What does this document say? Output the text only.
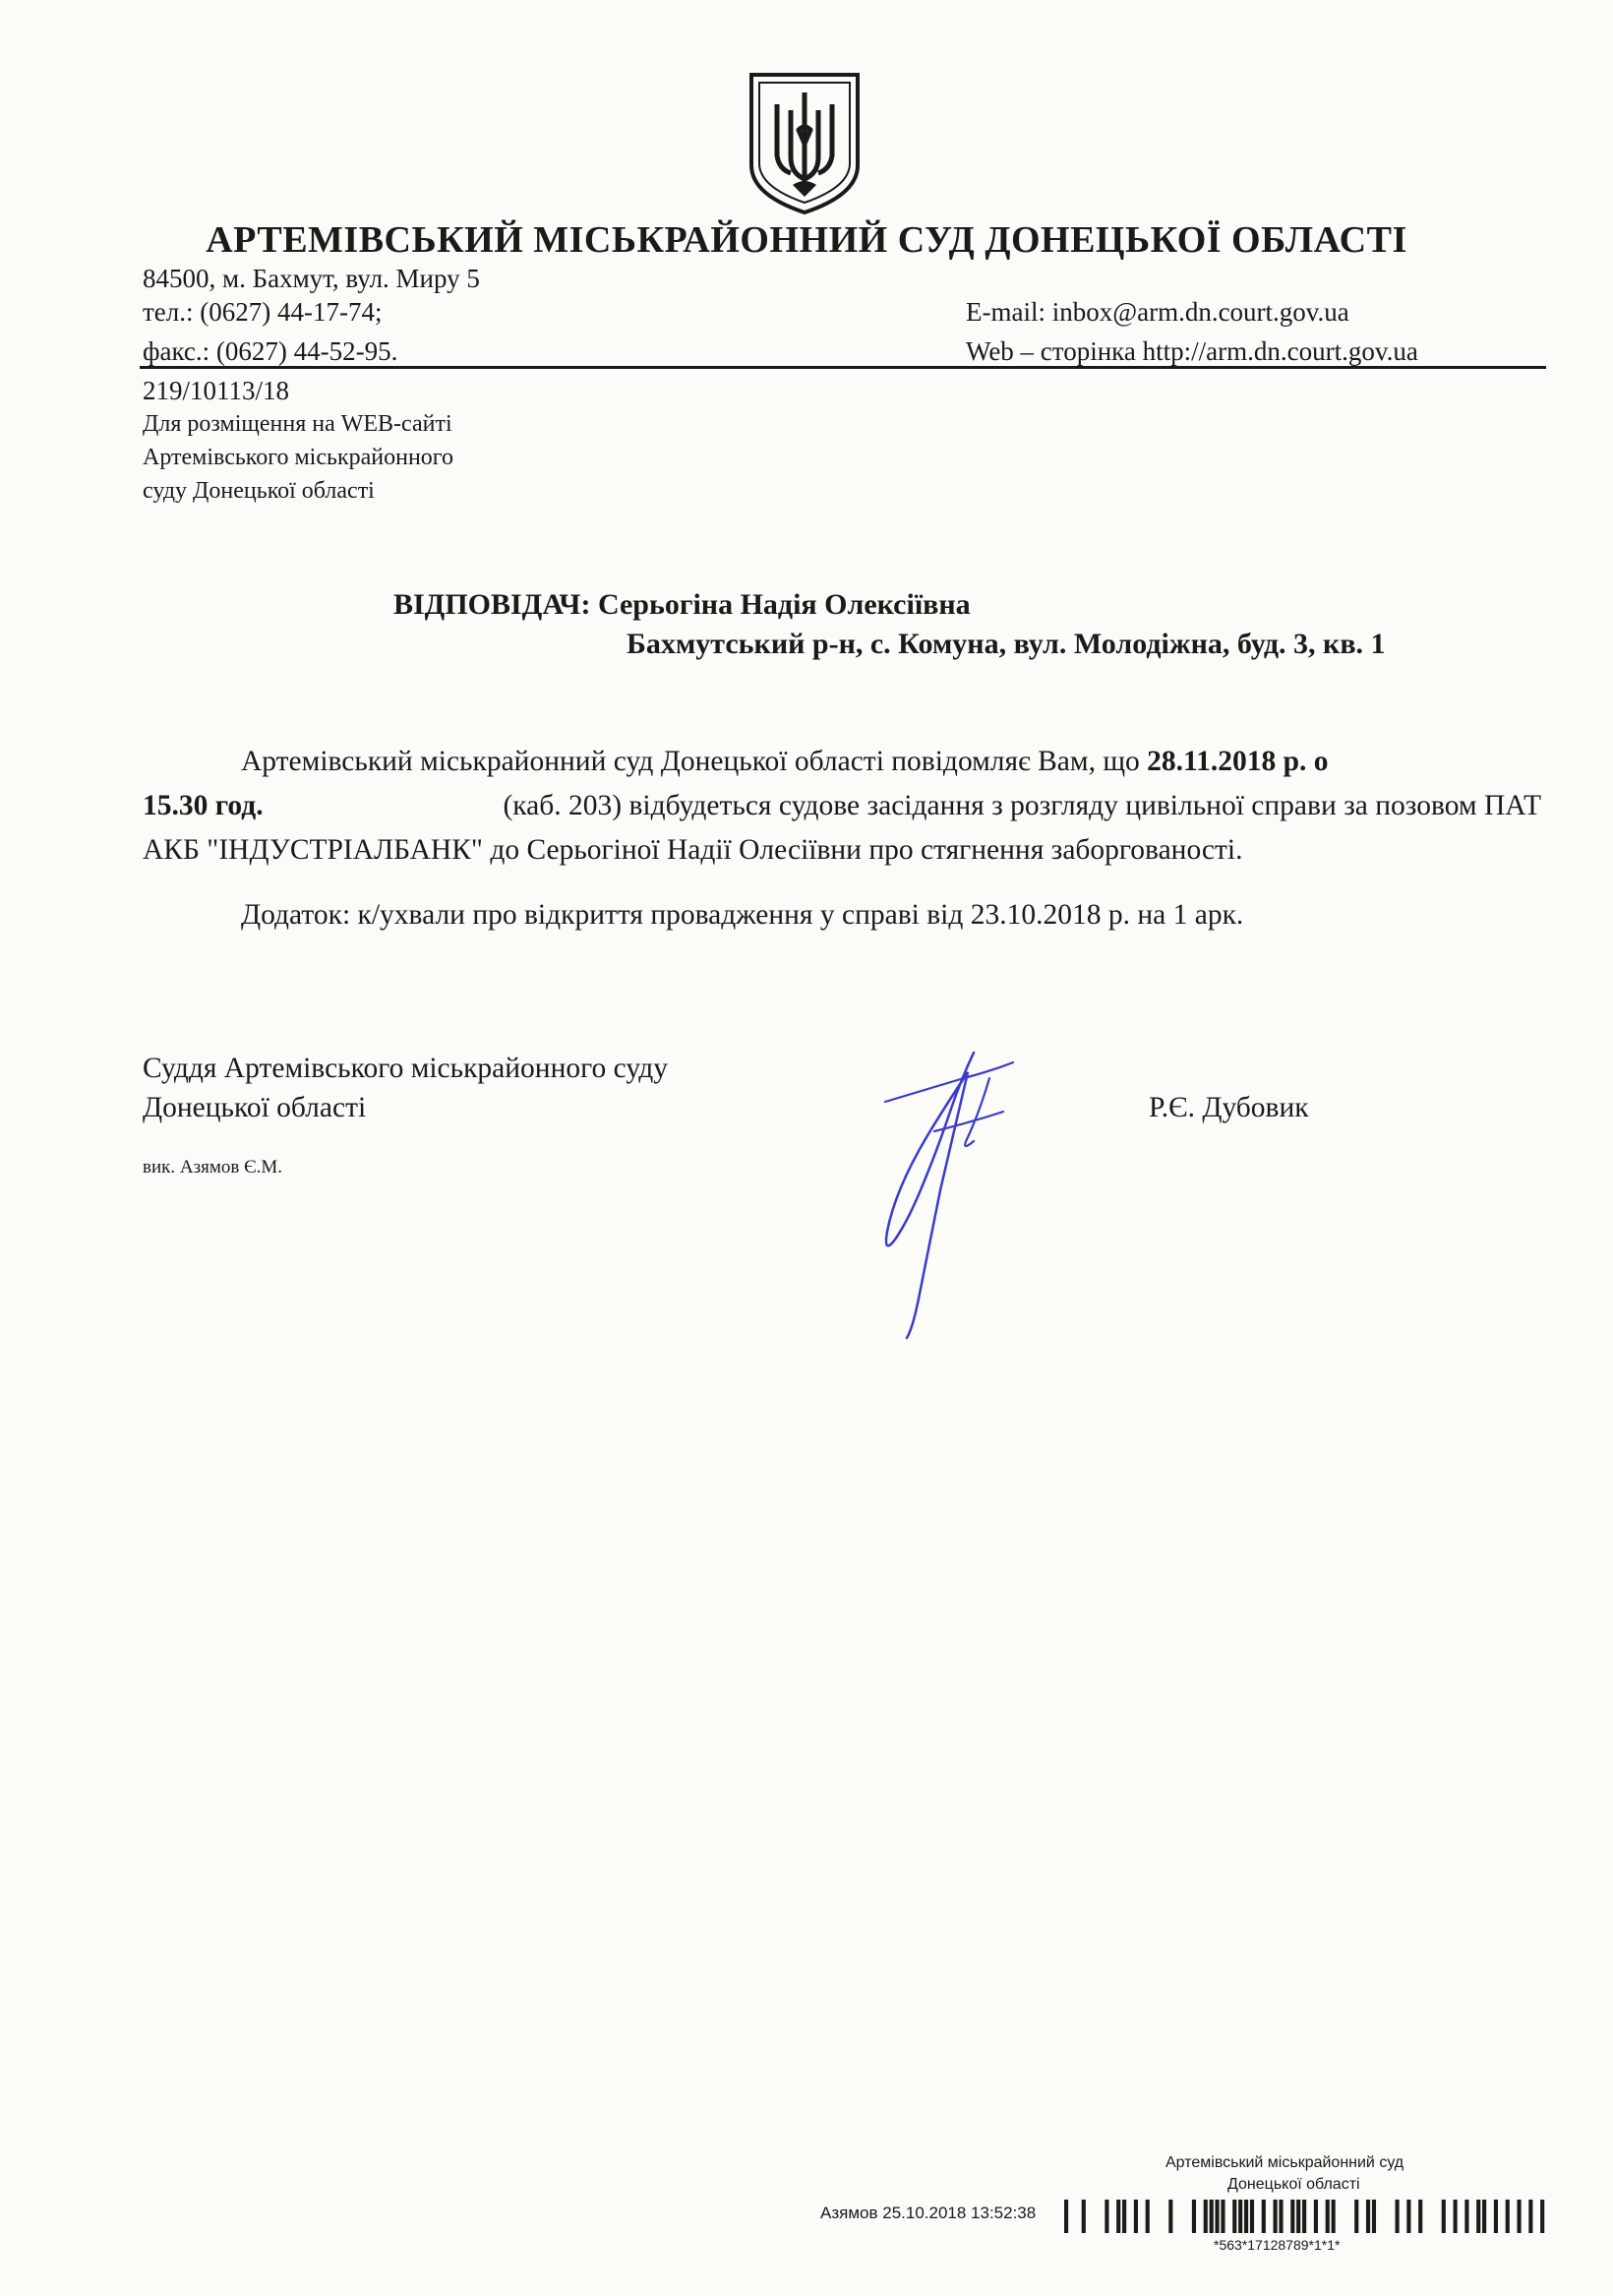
АРТЕМІВСЬКИЙ МІСЬКРАЙОННИЙ СУД ДОНЕЦЬКОЇ ОБЛАСТІ
84500, м. Бахмут, вул. Миру 5
тел.: (0627) 44-17-74;
факс.: (0627) 44-52-95.
E-mail: inbox@arm.dn.court.gov.ua
Web – сторінка http://arm.dn.court.gov.ua
219/10113/18
Для розміщення на WEB-сайті
Артемівського міськрайонного
суду Донецької області
ВІДПОВІДАЧ: Серьогіна Надія Олексіївна
Бахмутський р-н, с. Комуна, вул. Молодіжна, буд. 3, кв. 1
Артемівський міськрайонний суд Донецької області повідомляє Вам, що 28.11.2018 р. о
15.30 год.	(каб. 203) відбудеться судове засідання з розгляду цивільної справи за позовом ПАТ
АКБ "ІНДУСТРІАЛБАНК" до Серьогіної Надії Олесіївни про стягнення заборгованості.
Додаток: к/ухвали про відкриття провадження у справі від 23.10.2018 р. на 1 арк.
Суддя Артемівського міськрайонного суду
Донецької області	Р.Є. Дубовик
вик. Азямов Є.М.
Артемівський міськрайонний суд
Донецької області
Азямов 25.10.2018 13:52:38
*563*17128789*1*1*
